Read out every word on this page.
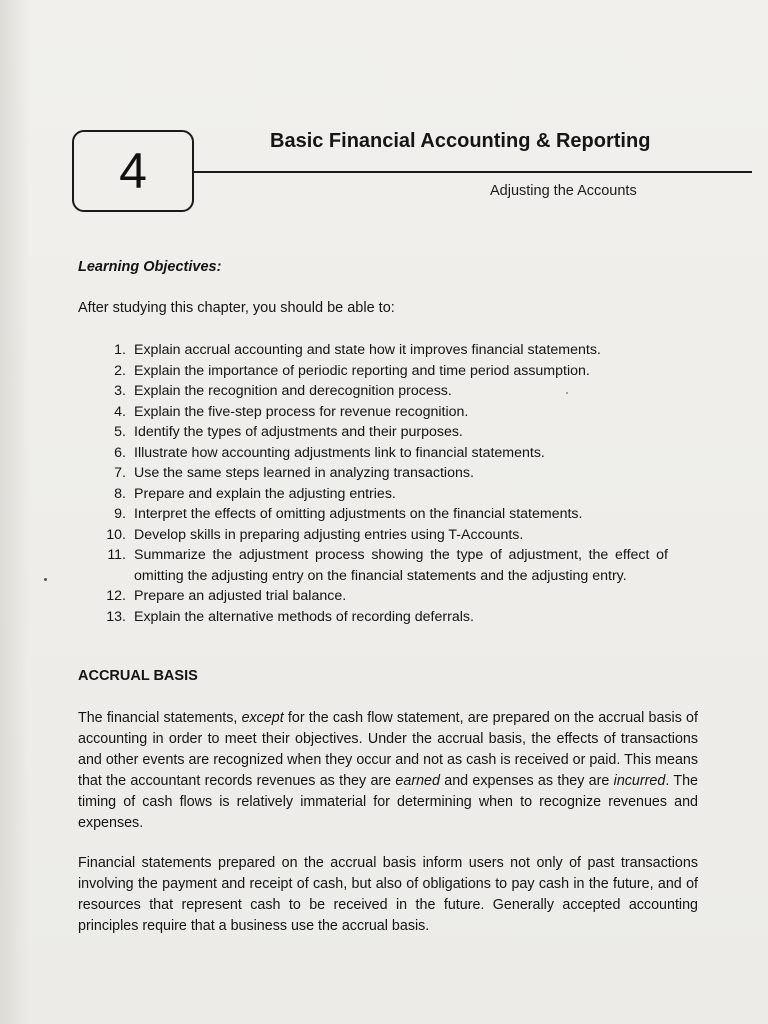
4
Basic Financial Accounting & Reporting
Adjusting the Accounts
Learning Objectives:
After studying this chapter, you should be able to:
1. Explain accrual accounting and state how it improves financial statements.
2. Explain the importance of periodic reporting and time period assumption.
3. Explain the recognition and derecognition process.
4. Explain the five-step process for revenue recognition.
5. Identify the types of adjustments and their purposes.
6. Illustrate how accounting adjustments link to financial statements.
7. Use the same steps learned in analyzing transactions.
8. Prepare and explain the adjusting entries.
9. Interpret the effects of omitting adjustments on the financial statements.
10. Develop skills in preparing adjusting entries using T-Accounts.
11. Summarize the adjustment process showing the type of adjustment, the effect of omitting the adjusting entry on the financial statements and the adjusting entry.
12. Prepare an adjusted trial balance.
13. Explain the alternative methods of recording deferrals.
ACCRUAL BASIS

The financial statements, except for the cash flow statement, are prepared on the accrual basis of accounting in order to meet their objectives. Under the accrual basis, the effects of transactions and other events are recognized when they occur and not as cash is received or paid. This means that the accountant records revenues as they are earned and expenses as they are incurred. The timing of cash flows is relatively immaterial for determining when to recognize revenues and expenses.

Financial statements prepared on the accrual basis inform users not only of past transactions involving the payment and receipt of cash, but also of obligations to pay cash in the future, and of resources that represent cash to be received in the future. Generally accepted accounting principles require that a business use the accrual basis.
